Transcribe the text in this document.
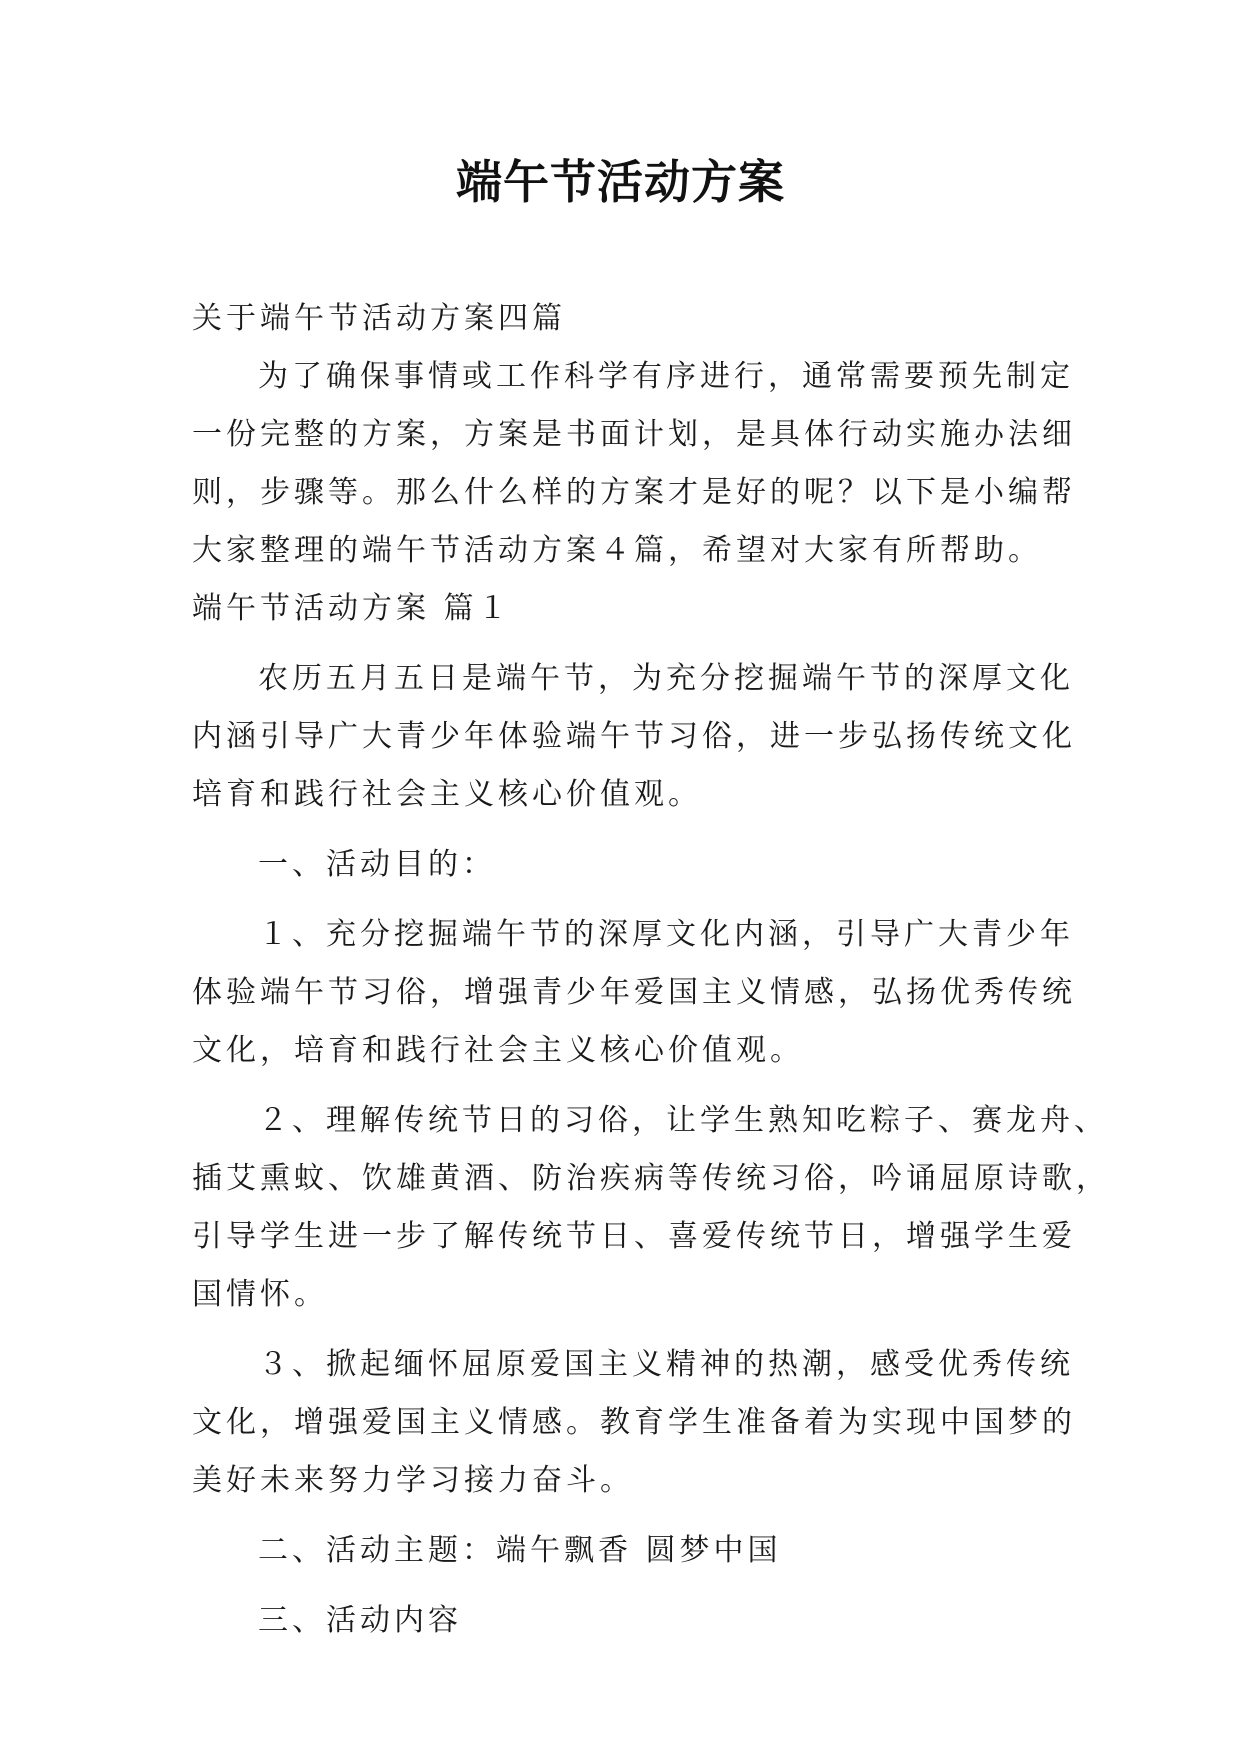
端午节活动方案
关于端午节活动方案四篇
为了确保事情或工作科学有序进行，通常需要预先制定
一份完整的方案，方案是书面计划，是具体行动实施办法细
则，步骤等。那么什么样的方案才是好的呢？以下是小编帮
大家整理的端午节活动方案４篇，希望对大家有所帮助。
端午节活动方案 篇１
农历五月五日是端午节，为充分挖掘端午节的深厚文化
内涵引导广大青少年体验端午节习俗，进一步弘扬传统文化
培育和践行社会主义核心价值观。
一、活动目的：
１、充分挖掘端午节的深厚文化内涵，引导广大青少年
体验端午节习俗，增强青少年爱国主义情感，弘扬优秀传统
文化，培育和践行社会主义核心价值观。
２、理解传统节日的习俗，让学生熟知吃粽子、赛龙舟、
插艾熏蚊、饮雄黄酒、防治疾病等传统习俗，吟诵屈原诗歌，
引导学生进一步了解传统节日、喜爱传统节日，增强学生爱
国情怀。
３、掀起缅怀屈原爱国主义精神的热潮，感受优秀传统
文化，增强爱国主义情感。教育学生准备着为实现中国梦的
美好未来努力学习接力奋斗。
二、活动主题：端午飘香 圆梦中国
三、活动内容
